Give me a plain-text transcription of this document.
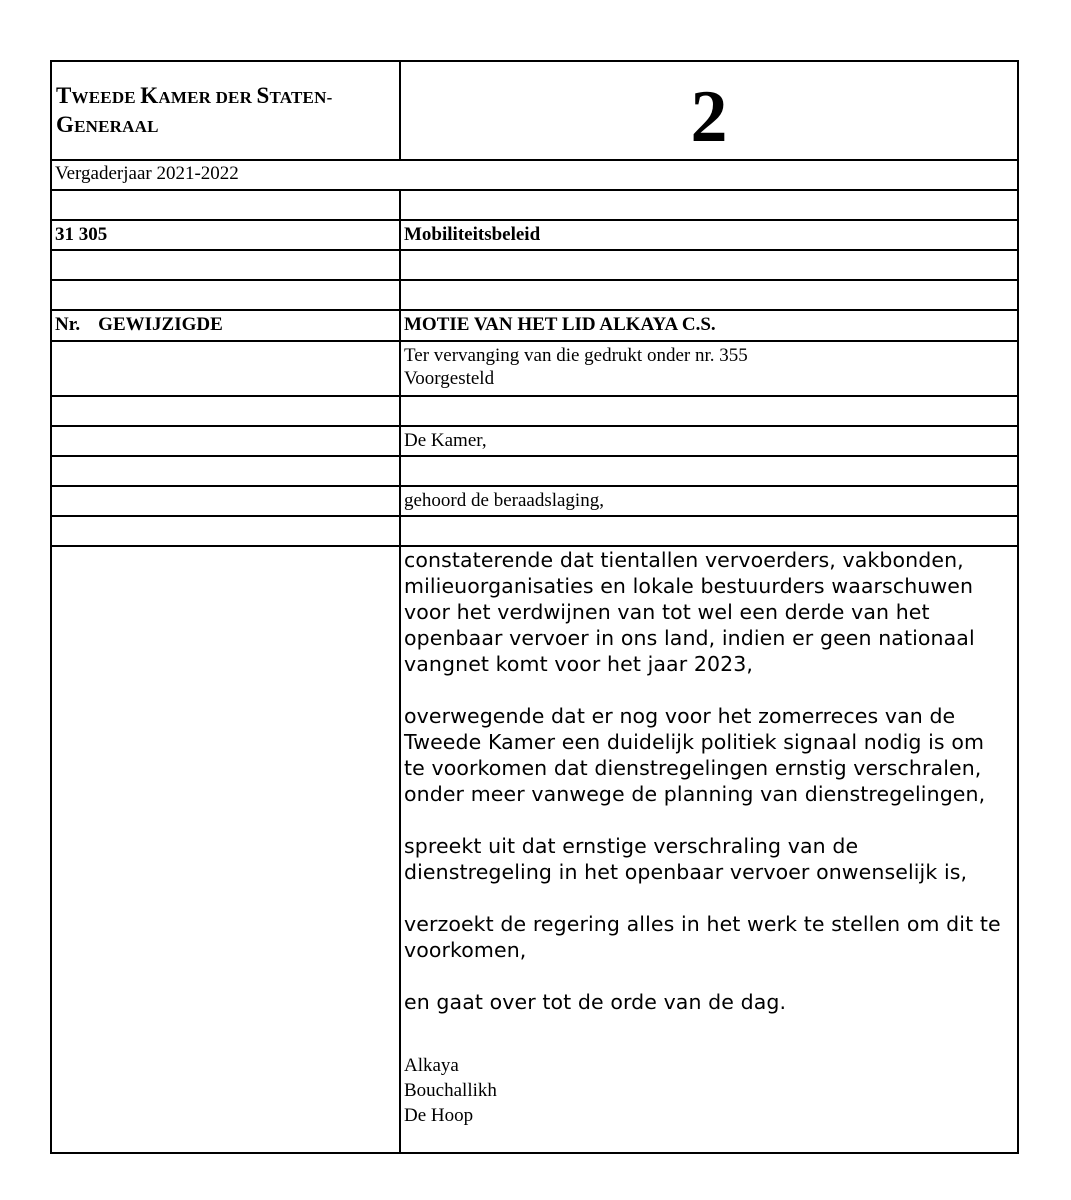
TWEEDE KAMER DER STATEN-
GENERAAL	2
Vergaderjaar 2021-2022
31 305	Mobiliteitsbeleid
Nr. GEWIJZIGDE	MOTIE VAN HET LID ALKAYA C.S.
Ter vervanging van die gedrukt onder nr. 355
Voorgesteld
De Kamer,
gehoord de beraadslaging,

constaterende dat tientallen vervoerders, vakbonden, milieuorganisaties en lokale bestuurders waarschuwen voor het verdwijnen van tot wel een derde van het openbaar vervoer in ons land, indien er geen nationaal vangnet komt voor het jaar 2023,

overwegende dat er nog voor het zomerreces van de Tweede Kamer een duidelijk politiek signaal nodig is om te voorkomen dat dienstregelingen ernstig verschralen, onder meer vanwege de planning van dienstregelingen,

spreekt uit dat ernstige verschraling van de dienstregeling in het openbaar vervoer onwenselijk is,

verzoekt de regering alles in het werk te stellen om dit te voorkomen,

en gaat over tot de orde van de dag.

Alkaya
Bouchallikh
De Hoop
